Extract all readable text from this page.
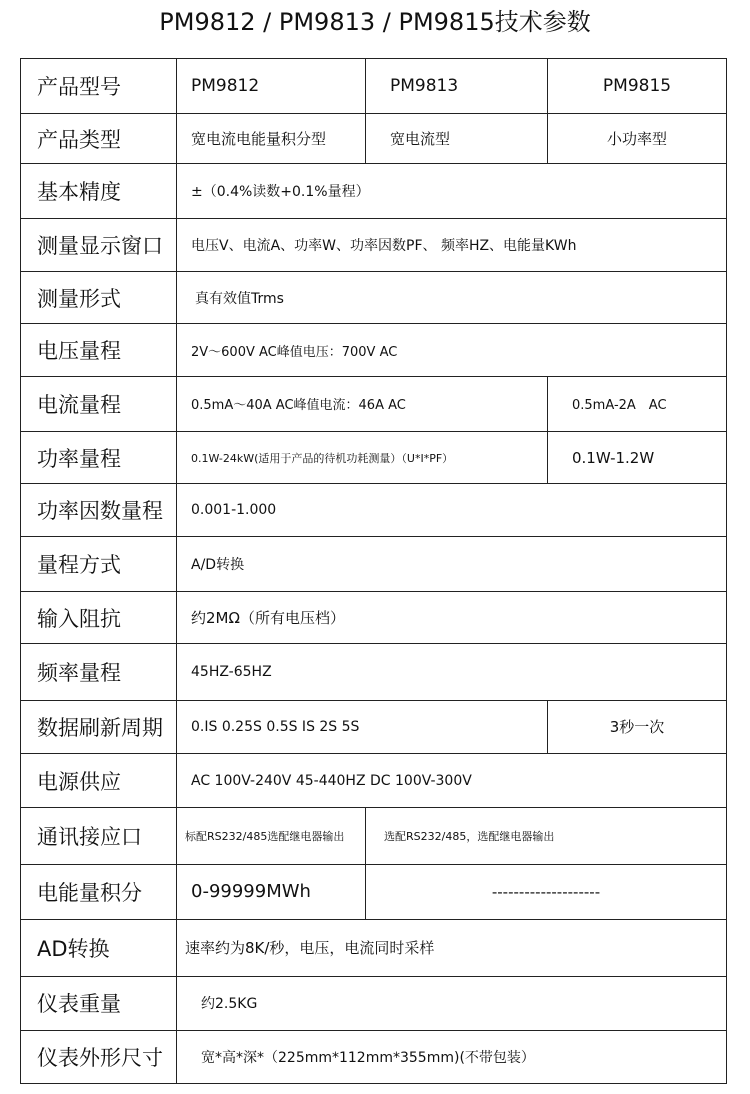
PM9812 / PM9813 / PM9815技术参数
产品型号	PM9812	PM9813	PM9815
产品类型	宽电流电能量积分型	宽电流型	小功率型
基本精度	±（0.4%读数+0.1%量程）		
测量显示窗口	电压V、电流A、功率W、功率因数PF、 频率HZ、电能量KWh		
测量形式	真有效值Trms		
电压量程	2V～600V AC峰值电压：700V AC		
电流量程	0.5mA～40A AC峰值电流：46A AC		0.5mA-2A　AC
功率量程	0.1W-24kW(适用于产品的待机功耗测量）（U*I*PF）		0.1W-1.2W
功率因数量程	0.001-1.000		
量程方式	A/D转换		
输入阻抗	约2MΩ（所有电压档）		
频率量程	45HZ-65HZ		
数据刷新周期	0.IS 0.25S 0.5S IS 2S 5S		3秒一次
电源供应	AC 100V-240V 45-440HZ DC 100V-300V		
通讯接应口	标配RS232/485选配继电器输出	选配RS232/485，选配继电器输出	
电能量积分	0-99999MWh	--------------------	
AD转换	速率约为8K/秒，电压，电流同时采样		
仪表重量	约2.5KG		
仪表外形尺寸	宽*高*深*（225mm*112mm*355mm)(不带包装）		
